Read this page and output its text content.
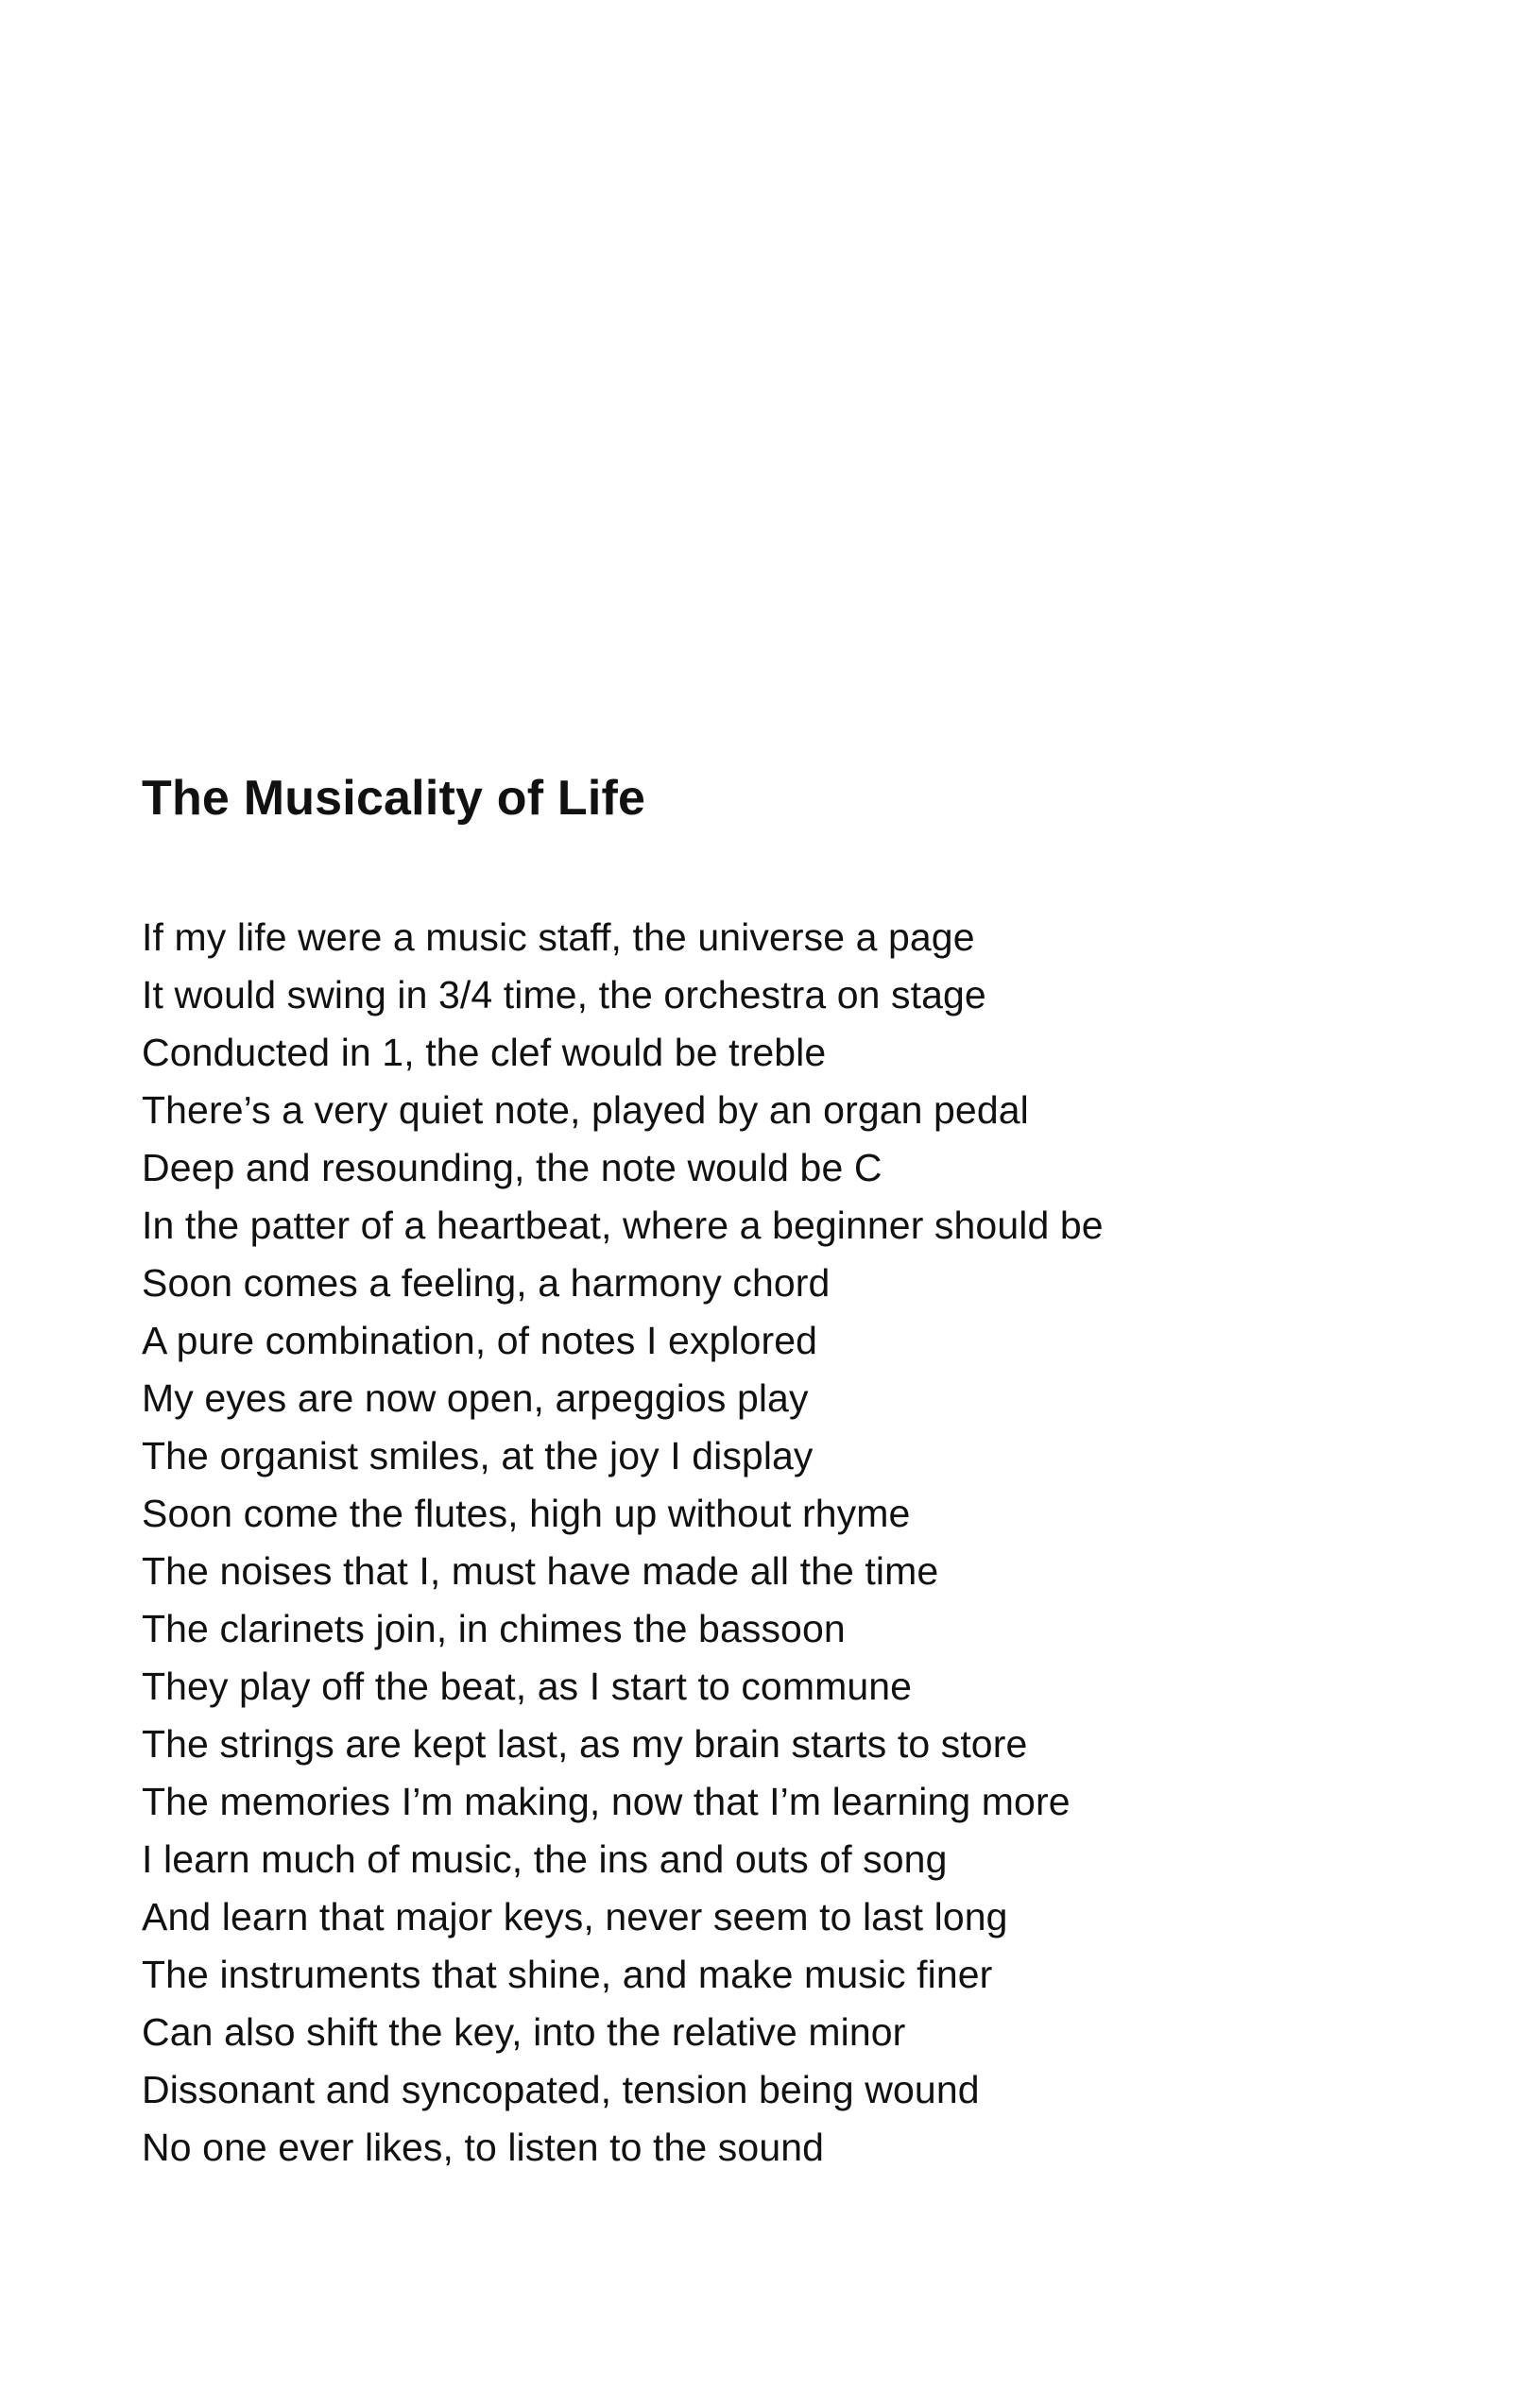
The Musicality of Life
If my life were a music staff, the universe a page
It would swing in 3/4 time, the orchestra on stage
Conducted in 1, the clef would be treble
There’s a very quiet note, played by an organ pedal
Deep and resounding, the note would be C
In the patter of a heartbeat, where a beginner should be
Soon comes a feeling, a harmony chord
A pure combination, of notes I explored
My eyes are now open, arpeggios play
The organist smiles, at the joy I display
Soon come the flutes, high up without rhyme
The noises that I, must have made all the time
The clarinets join, in chimes the bassoon
They play off the beat, as I start to commune
The strings are kept last, as my brain starts to store
The memories I’m making, now that I’m learning more
I learn much of music, the ins and outs of song
And learn that major keys, never seem to last long
The instruments that shine, and make music finer
Can also shift the key, into the relative minor
Dissonant and syncopated, tension being wound
No one ever likes, to listen to the sound
